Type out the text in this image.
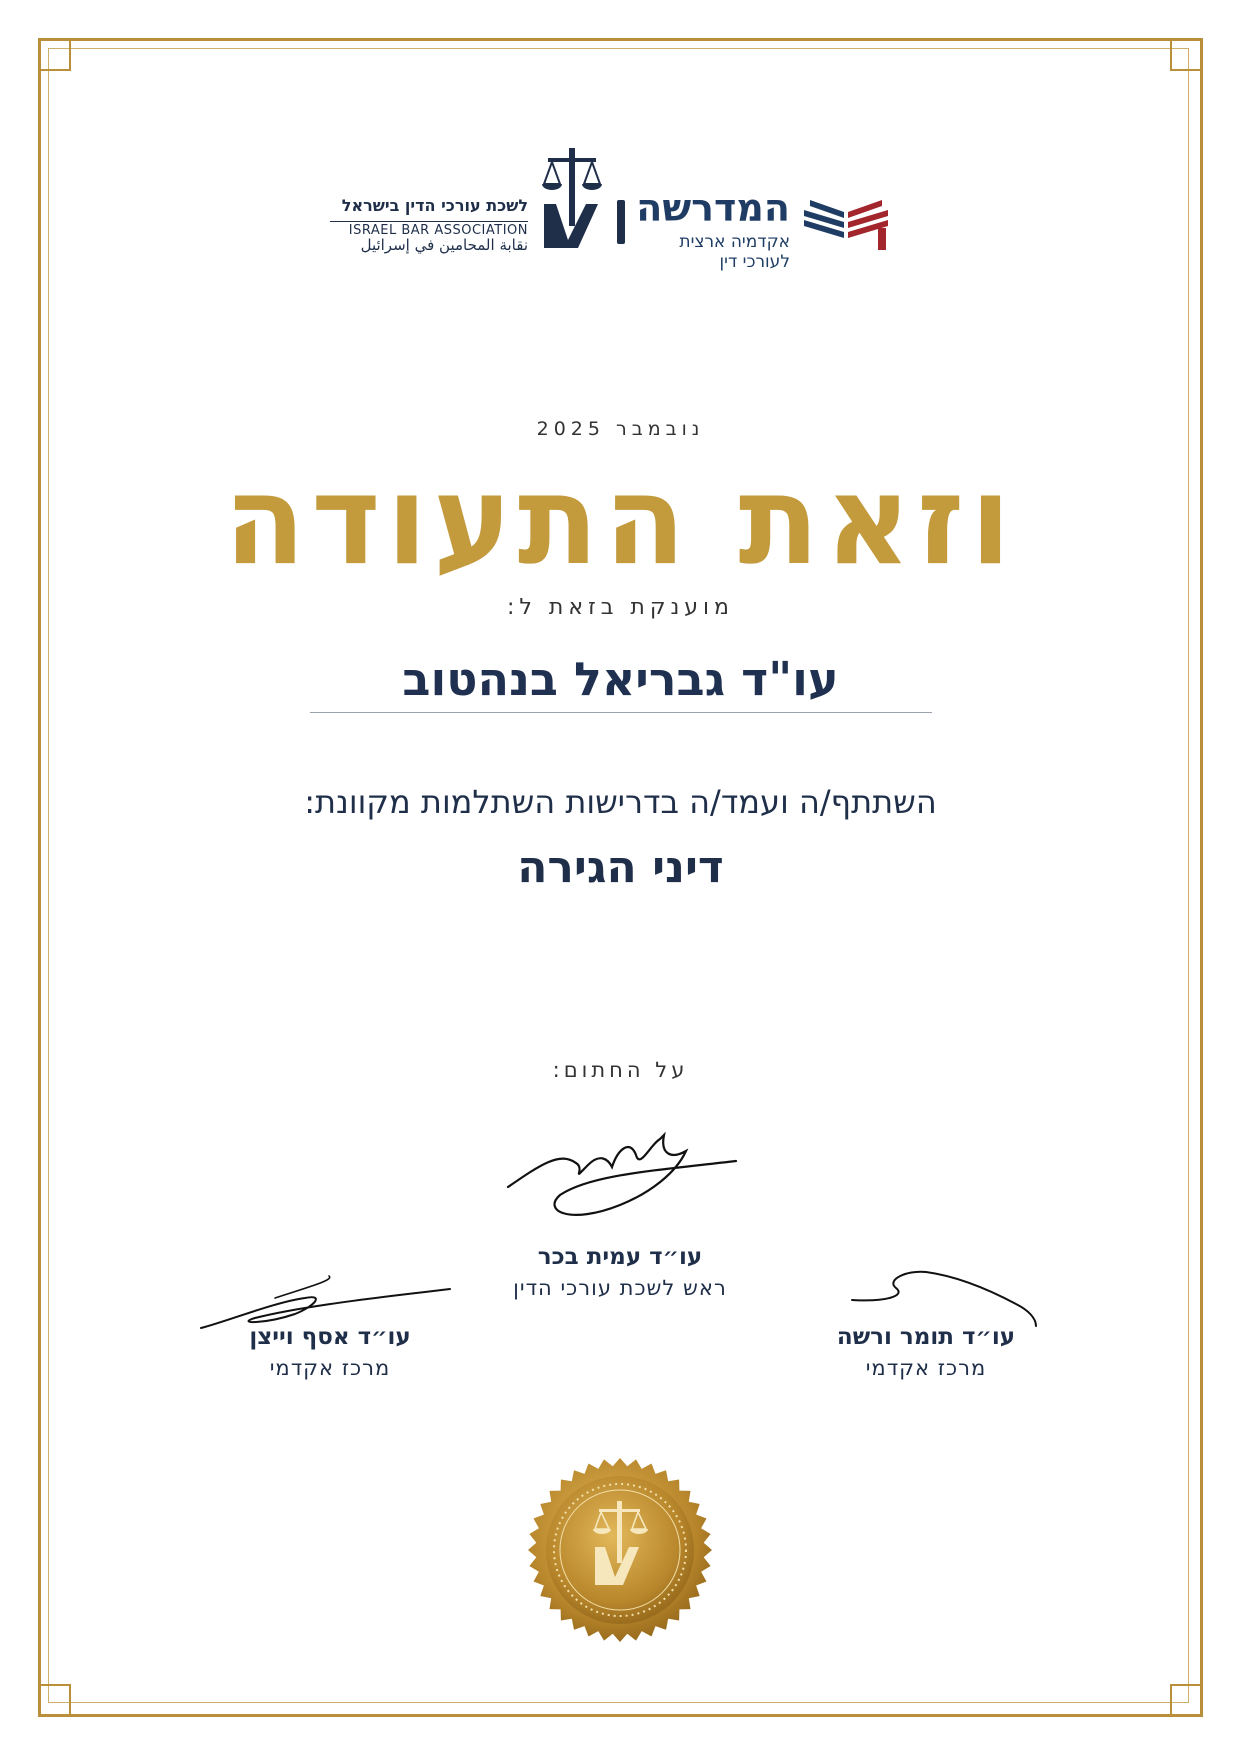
המדרשה
אקדמיה ארצית לעורכי דין
לשכת עורכי הדין בישראל
ISRAEL BAR ASSOCIATION
نقابة المحامين في إسرائيل
נובמבר 2025
וזאת התעודה
מוענקת בזאת ל:
עו"ד גבריאל בנהטוב
השתתף/ה ועמד/ה בדרישות השתלמות מקוונת:
דיני הגירה
על החתום:
עו״ד עמית בכר
ראש לשכת עורכי הדין
עו״ד אסף וייצן
מרכז אקדמי
עו״ד תומר ורשה
מרכז אקדמי
